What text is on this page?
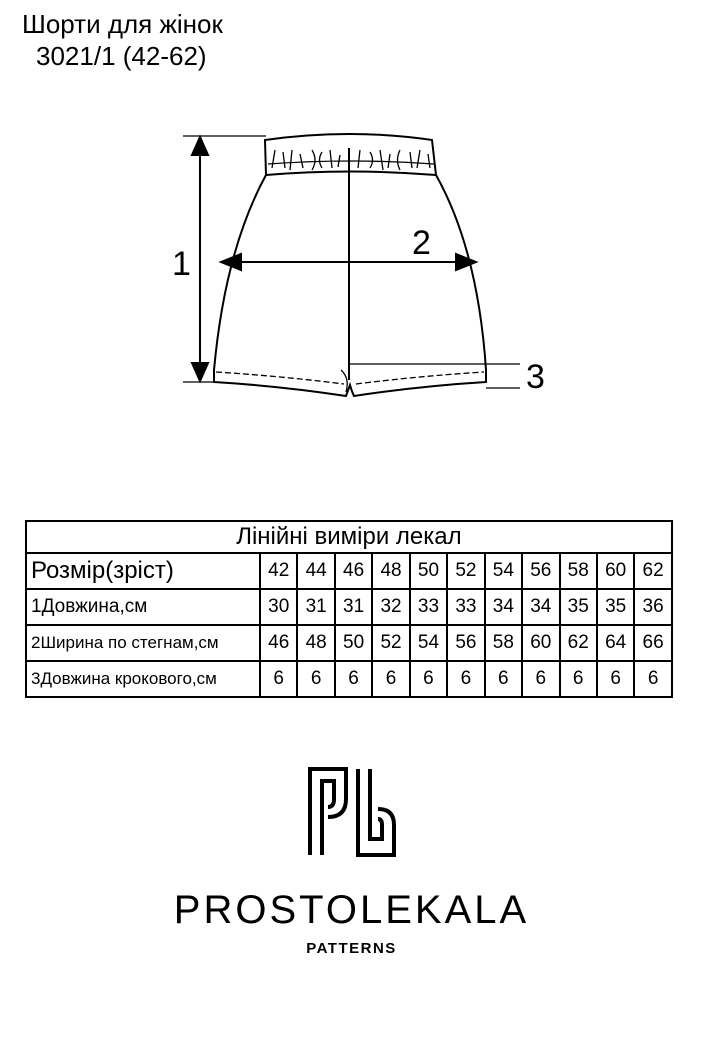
Шорти для жінок
3021/1 (42-62)
1
2
3
Лінійні виміри лекал											
Розмір(зріст)	42	44	46	48	50	52	54	56	58	60	62
1Довжина,см	30	31	31	32	33	33	34	34	35	35	36
2Ширина по стегнам,см	46	48	50	52	54	56	58	60	62	64	66
3Довжина крокового,см	6	6	6	6	6	6	6	6	6	6	6
PROSTOLEKALA
PATTERNS
